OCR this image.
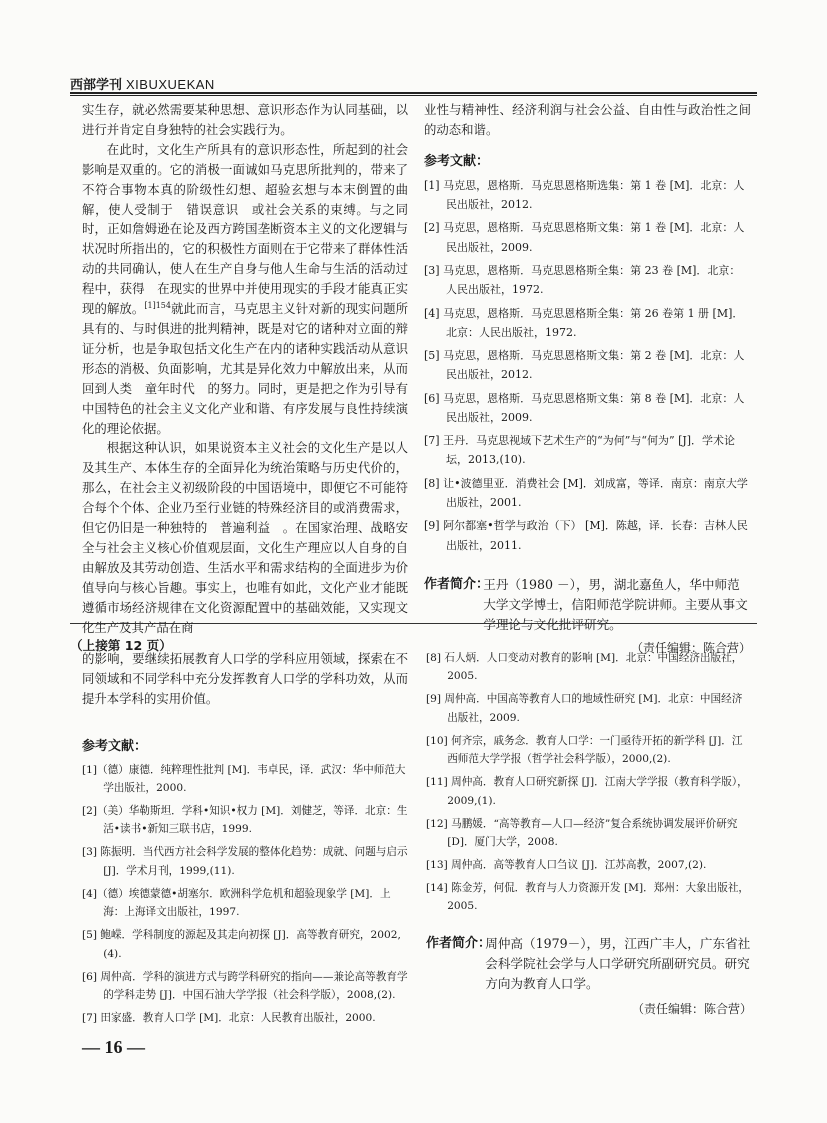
西部学刊 XIBUXUEKAN

实生存，就必然需要某种思想、意识形态作为认同基础，以进行并肯定自身独特的社会实践行为。

在此时，文化生产所具有的意识形态性，所起到的社会影响是双重的。它的消极一面诚如马克思所批判的，带来了不符合事物本真的阶级性幻想、超验玄想与本末倒置的曲解，使人受制于　错误意识　或社会关系的束缚。与之同时，正如詹姆逊在论及西方跨国垄断资本主义的文化逻辑与状况时所指出的，它的积极性方面则在于它带来了群体性活动的共同确认，使人在生产自身与他人生命与生活的活动过程中，获得　在现实的世界中并使用现实的手段才能真正实现的解放。$^{[1]154}$就此而言，马克思主义针对新的现实问题所具有的、与时俱进的批判精神，既是对它的诸种对立面的辩证分析，也是争取包括文化生产在内的诸种实践活动从意识形态的消极、负面影响，尤其是异化效力中解放出来，从而回到人类　童年时代　的努力。同时，更是把之作为引导有中国特色的社会主义文化产业和谐、有序发展与良性持续演化的理论依据。

根据这种认识，如果说资本主义社会的文化生产是以人及其生产、本体生存的全面异化为统治策略与历史代价的，那么，在社会主义初级阶段的中国语境中，即便它不可能符合每个个体、企业乃至行业链的特殊经济目的或消费需求，但它仍旧是一种独特的　普遍利益　。在国家治理、战略安全与社会主义核心价值观层面，文化生产理应以人自身的自由解放及其劳动创造、生活水平和需求结构的全面进步为价值导向与核心旨趣。事实上，也唯有如此，文化产业才能既遵循市场经济规律在文化资源配置中的基础效能，又实现文化生产及其产品在商

业性与精神性、经济利润与社会公益、自由性与政治性之间的动态和谐。

参考文献：
[1] 马克思，恩格斯．马克思恩格斯选集：第 1 卷 [M]．北京：人民出版社，2012.
[2] 马克思，恩格斯．马克思恩格斯文集：第 1 卷 [M]．北京：人民出版社，2009.
[3] 马克思，恩格斯．马克思恩格斯全集：第 23 卷 [M]．北京：人民出版社，1972.
[4] 马克思，恩格斯．马克思恩格斯全集：第 26 卷第 1 册 [M]．北京：人民出版社，1972.
[5] 马克思，恩格斯．马克思恩格斯文集：第 2 卷 [M]．北京：人民出版社，2012.
[6] 马克思，恩格斯．马克思恩格斯文集：第 8 卷 [M]．北京：人民出版社，2009.
[7] 王丹．马克思视域下艺术生产的“为何”与“何为” [J]．学术论坛，2013,(10).
[8] 让•波德里亚．消费社会 [M]．刘成富，等译．南京：南京大学出版社，2001.
[9] 阿尔都塞•哲学与政治（下） [M]．陈越，译．长春：吉林人民出版社，2011.
作者简介：
王丹（1980 －），男，湖北嘉鱼人，华中师范大学文学博士，信阳师范学院讲师。主要从事文学理论与文化批评研究。
（责任编辑：陈合营）
（上接第 12 页）

的影响，要继续拓展教育人口学的学科应用领域，探索在不同领域和不同学科中充分发挥教育人口学的学科功效，从而提升本学科的实用价值。

参考文献：
[1]（德）康德．纯粹理性批判 [M]．韦卓民，译．武汉：华中师范大学出版社，2000.
[2]（美）华勒斯坦．学科•知识•权力 [M]．刘健芝，等译．北京：生活•读书•新知三联书店，1999.
[3] 陈振明．当代西方社会科学发展的整体化趋势：成就、问题与启示 [J]．学术月刊，1999,(11).
[4]（德）埃德蒙德•胡塞尔．欧洲科学危机和超验现象学 [M]．上海：上海译文出版社，1997.
[5] 鲍嵘．学科制度的源起及其走向初探 [J]．高等教育研究，2002,(4).
[6] 周仲高．学科的演进方式与跨学科研究的指向——兼论高等教育学的学科走势 [J]．中国石油大学学报（社会科学版），2008,(2).
[7] 田家盛．教育人口学 [M]．北京：人民教育出版社，2000.
[8] 石人炳．人口变动对教育的影响 [M]．北京：中国经济出版社，2005.
[9] 周仲高．中国高等教育人口的地域性研究 [M]．北京：中国经济出版社，2009.
[10] 何齐宗，戚务念．教育人口学：一门亟待开拓的新学科 [J]．江西师范大学学报（哲学社会科学版），2000,(2).
[11] 周仲高．教育人口研究新探 [J]．江南大学学报（教育科学版），2009,(1).
[12] 马鹏媛．“高等教育—人口—经济”复合系统协调发展评价研究 [D]．厦门大学，2008.
[13] 周仲高．高等教育人口刍议 [J]．江苏高教，2007,(2).
[14] 陈金芳，何侃．教育与人力资源开发 [M]．郑州：大象出版社，2005.
作者简介：
周仲高（1979－），男，江西广丰人，广东省社会科学院社会学与人口学研究所副研究员。研究方向为教育人口学。
（责任编辑：陈合营）
— 16 —
